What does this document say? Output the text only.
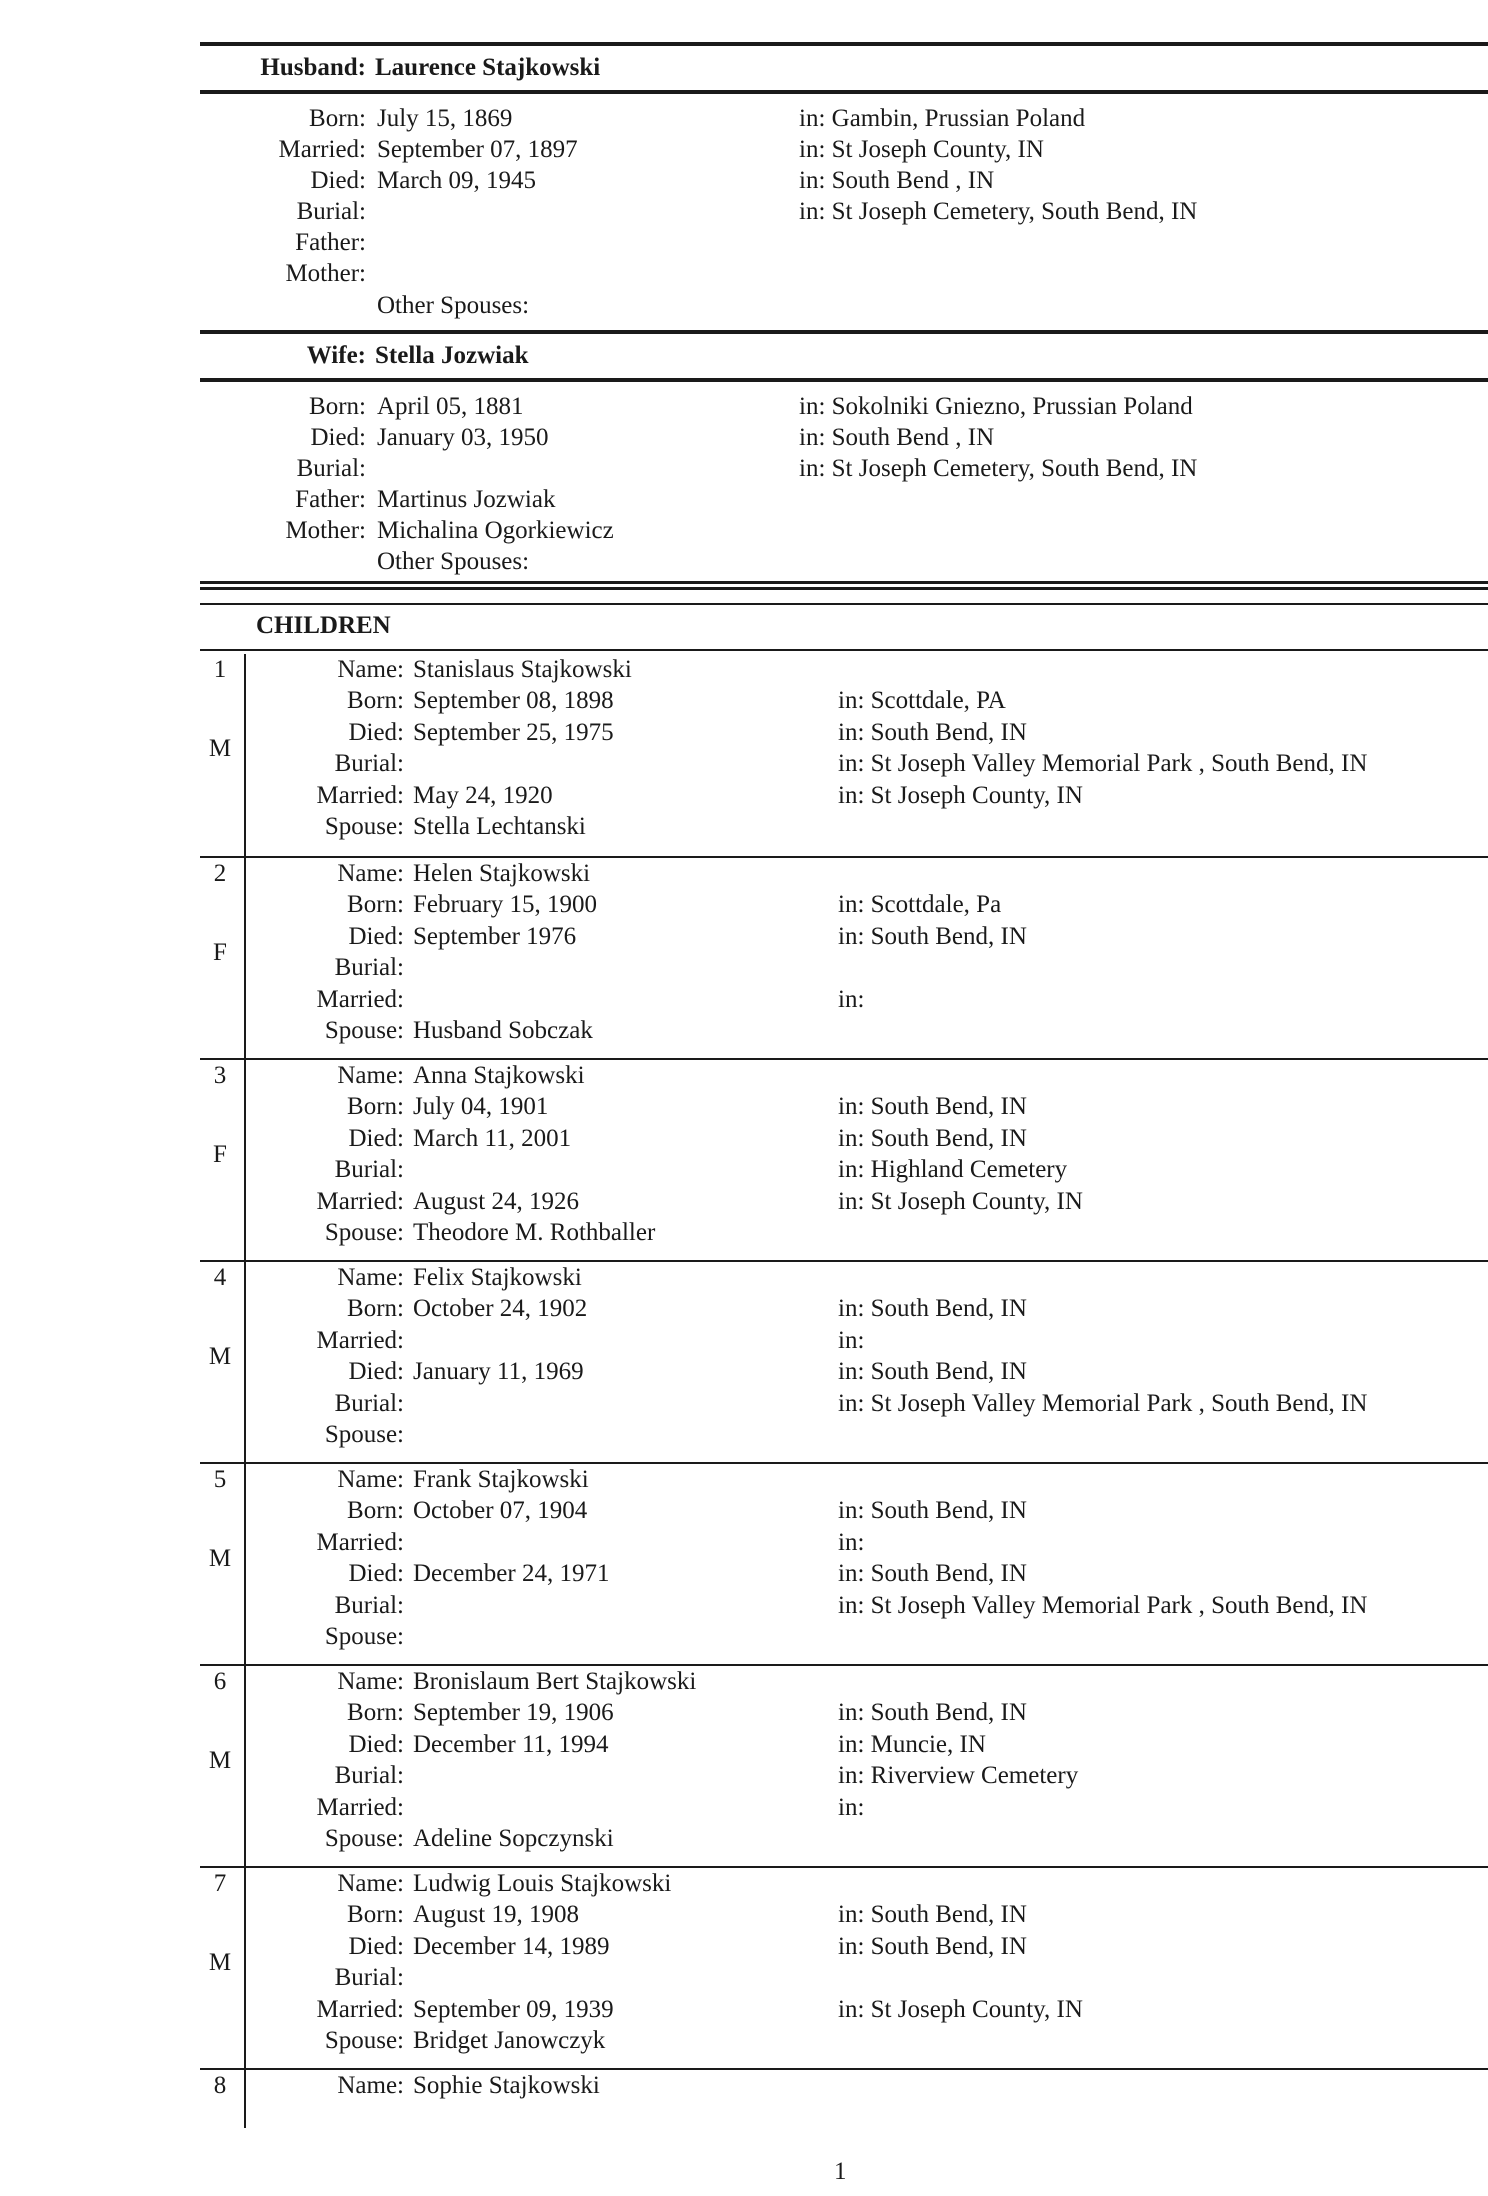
Husband: Laurence Stajkowski
Born: July 15, 1869	in: Gambin, Prussian Poland
Married: September 07, 1897	in: St Joseph County, IN
Died: March 09, 1945	in: South Bend , IN
Burial:	in: St Joseph Cemetery, South Bend, IN
Father:
Mother:
Other Spouses:
Wife: Stella Jozwiak
Born: April 05, 1881	in: Sokolniki Gniezno, Prussian Poland
Died: January 03, 1950	in: South Bend , IN
Burial:	in: St Joseph Cemetery, South Bend, IN
Father: Martinus Jozwiak
Mother: Michalina Ogorkiewicz
Other Spouses:
CHILDREN
1
M
Name: Stanislaus Stajkowski
Born: September 08, 1898	in: Scottdale, PA
Died: September 25, 1975	in: South Bend, IN
Burial:	in: St Joseph Valley Memorial Park , South Bend, IN
Married: May 24, 1920	in: St Joseph County, IN
Spouse: Stella Lechtanski
2
F
Name: Helen Stajkowski
Born: February 15, 1900	in: Scottdale, Pa
Died: September 1976	in: South Bend, IN
Burial:
Married:	in:
Spouse: Husband Sobczak
3
F
Name: Anna Stajkowski
Born: July 04, 1901	in: South Bend, IN
Died: March 11, 2001	in: South Bend, IN
Burial:	in: Highland Cemetery
Married: August 24, 1926	in: St Joseph County, IN
Spouse: Theodore M. Rothballer
4
M
Name: Felix Stajkowski
Born: October 24, 1902	in: South Bend, IN
Married:	in:
Died: January 11, 1969	in: South Bend, IN
Burial:	in: St Joseph Valley Memorial Park , South Bend, IN
Spouse:
5
M
Name: Frank Stajkowski
Born: October 07, 1904	in: South Bend, IN
Married:	in:
Died: December 24, 1971	in: South Bend, IN
Burial:	in: St Joseph Valley Memorial Park , South Bend, IN
Spouse:
6
M
Name: Bronislaum Bert Stajkowski
Born: September 19, 1906	in: South Bend, IN
Died: December 11, 1994	in: Muncie, IN
Burial:	in: Riverview Cemetery
Married:	in:
Spouse: Adeline Sopczynski
7
M
Name: Ludwig Louis Stajkowski
Born: August 19, 1908	in: South Bend, IN
Died: December 14, 1989	in: South Bend, IN
Burial:
Married: September 09, 1939	in: St Joseph County, IN
Spouse: Bridget Janowczyk
8	Name: Sophie Stajkowski
1
